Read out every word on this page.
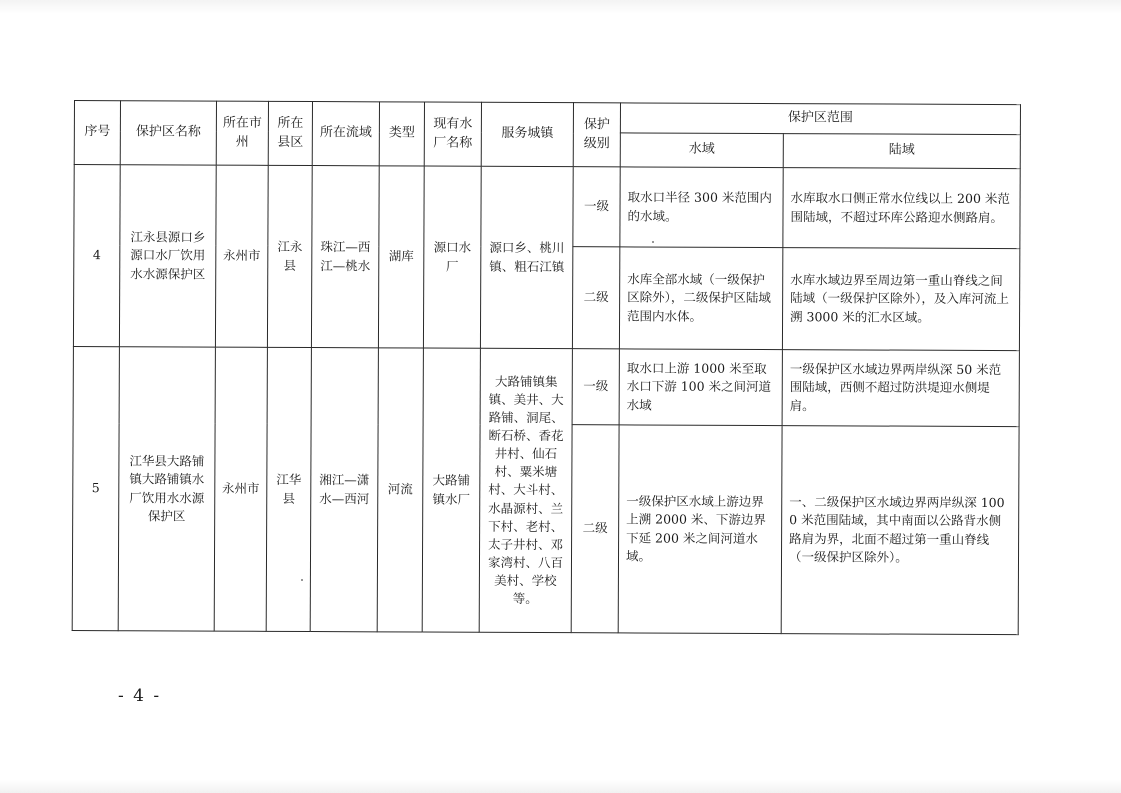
序号	保护区名称	所在市州	所在县区	所在流域	类型	现有水厂名称	服务城镇	保护级别	保护区范围	
									水域	陆域
4	江永县源口乡源口水厂饮用水水源保护区	永州市	江永县	珠江—西江—桃水	湖库	源口水厂	源口乡、桃川镇、粗石江镇	一级	取水口半径 300 米范围内的水域。	水库取水口侧正常水位线以上 200 米范围陆域，不超过环库公路迎水侧路肩。
								二级	水库全部水域（一级保护区除外），二级保护区陆域范围内水体。	水库水域边界至周边第一重山脊线之间陆域（一级保护区除外），及入库河流上溯 3000 米的汇水区域。
5	江华县大路铺镇大路铺镇水厂饮用水水源保护区	永州市	江华县	湘江—潇水—西河	河流	大路铺镇水厂	大路铺镇集镇、美井、大路铺、洞尾、断石桥、香花井村、仙石村、粟米塘村、大斗村、水晶源村、兰下村、老村、太子井村、邓家湾村、八百美村、学校等。	一级	取水口上游 1000 米至取水口下游 100 米之间河道水域	一级保护区水域边界两岸纵深 50 米范围陆域，西侧不超过防洪堤迎水侧堤肩。
								二级	一级保护区水域上游边界上溯 2000 米、下游边界下延 200 米之间河道水域。	一、二级保护区水域边界两岸纵深 1000 米范围陆域，其中南面以公路背水侧路肩为界，北面不超过第一重山脊线（一级保护区除外）。
- 4 -
